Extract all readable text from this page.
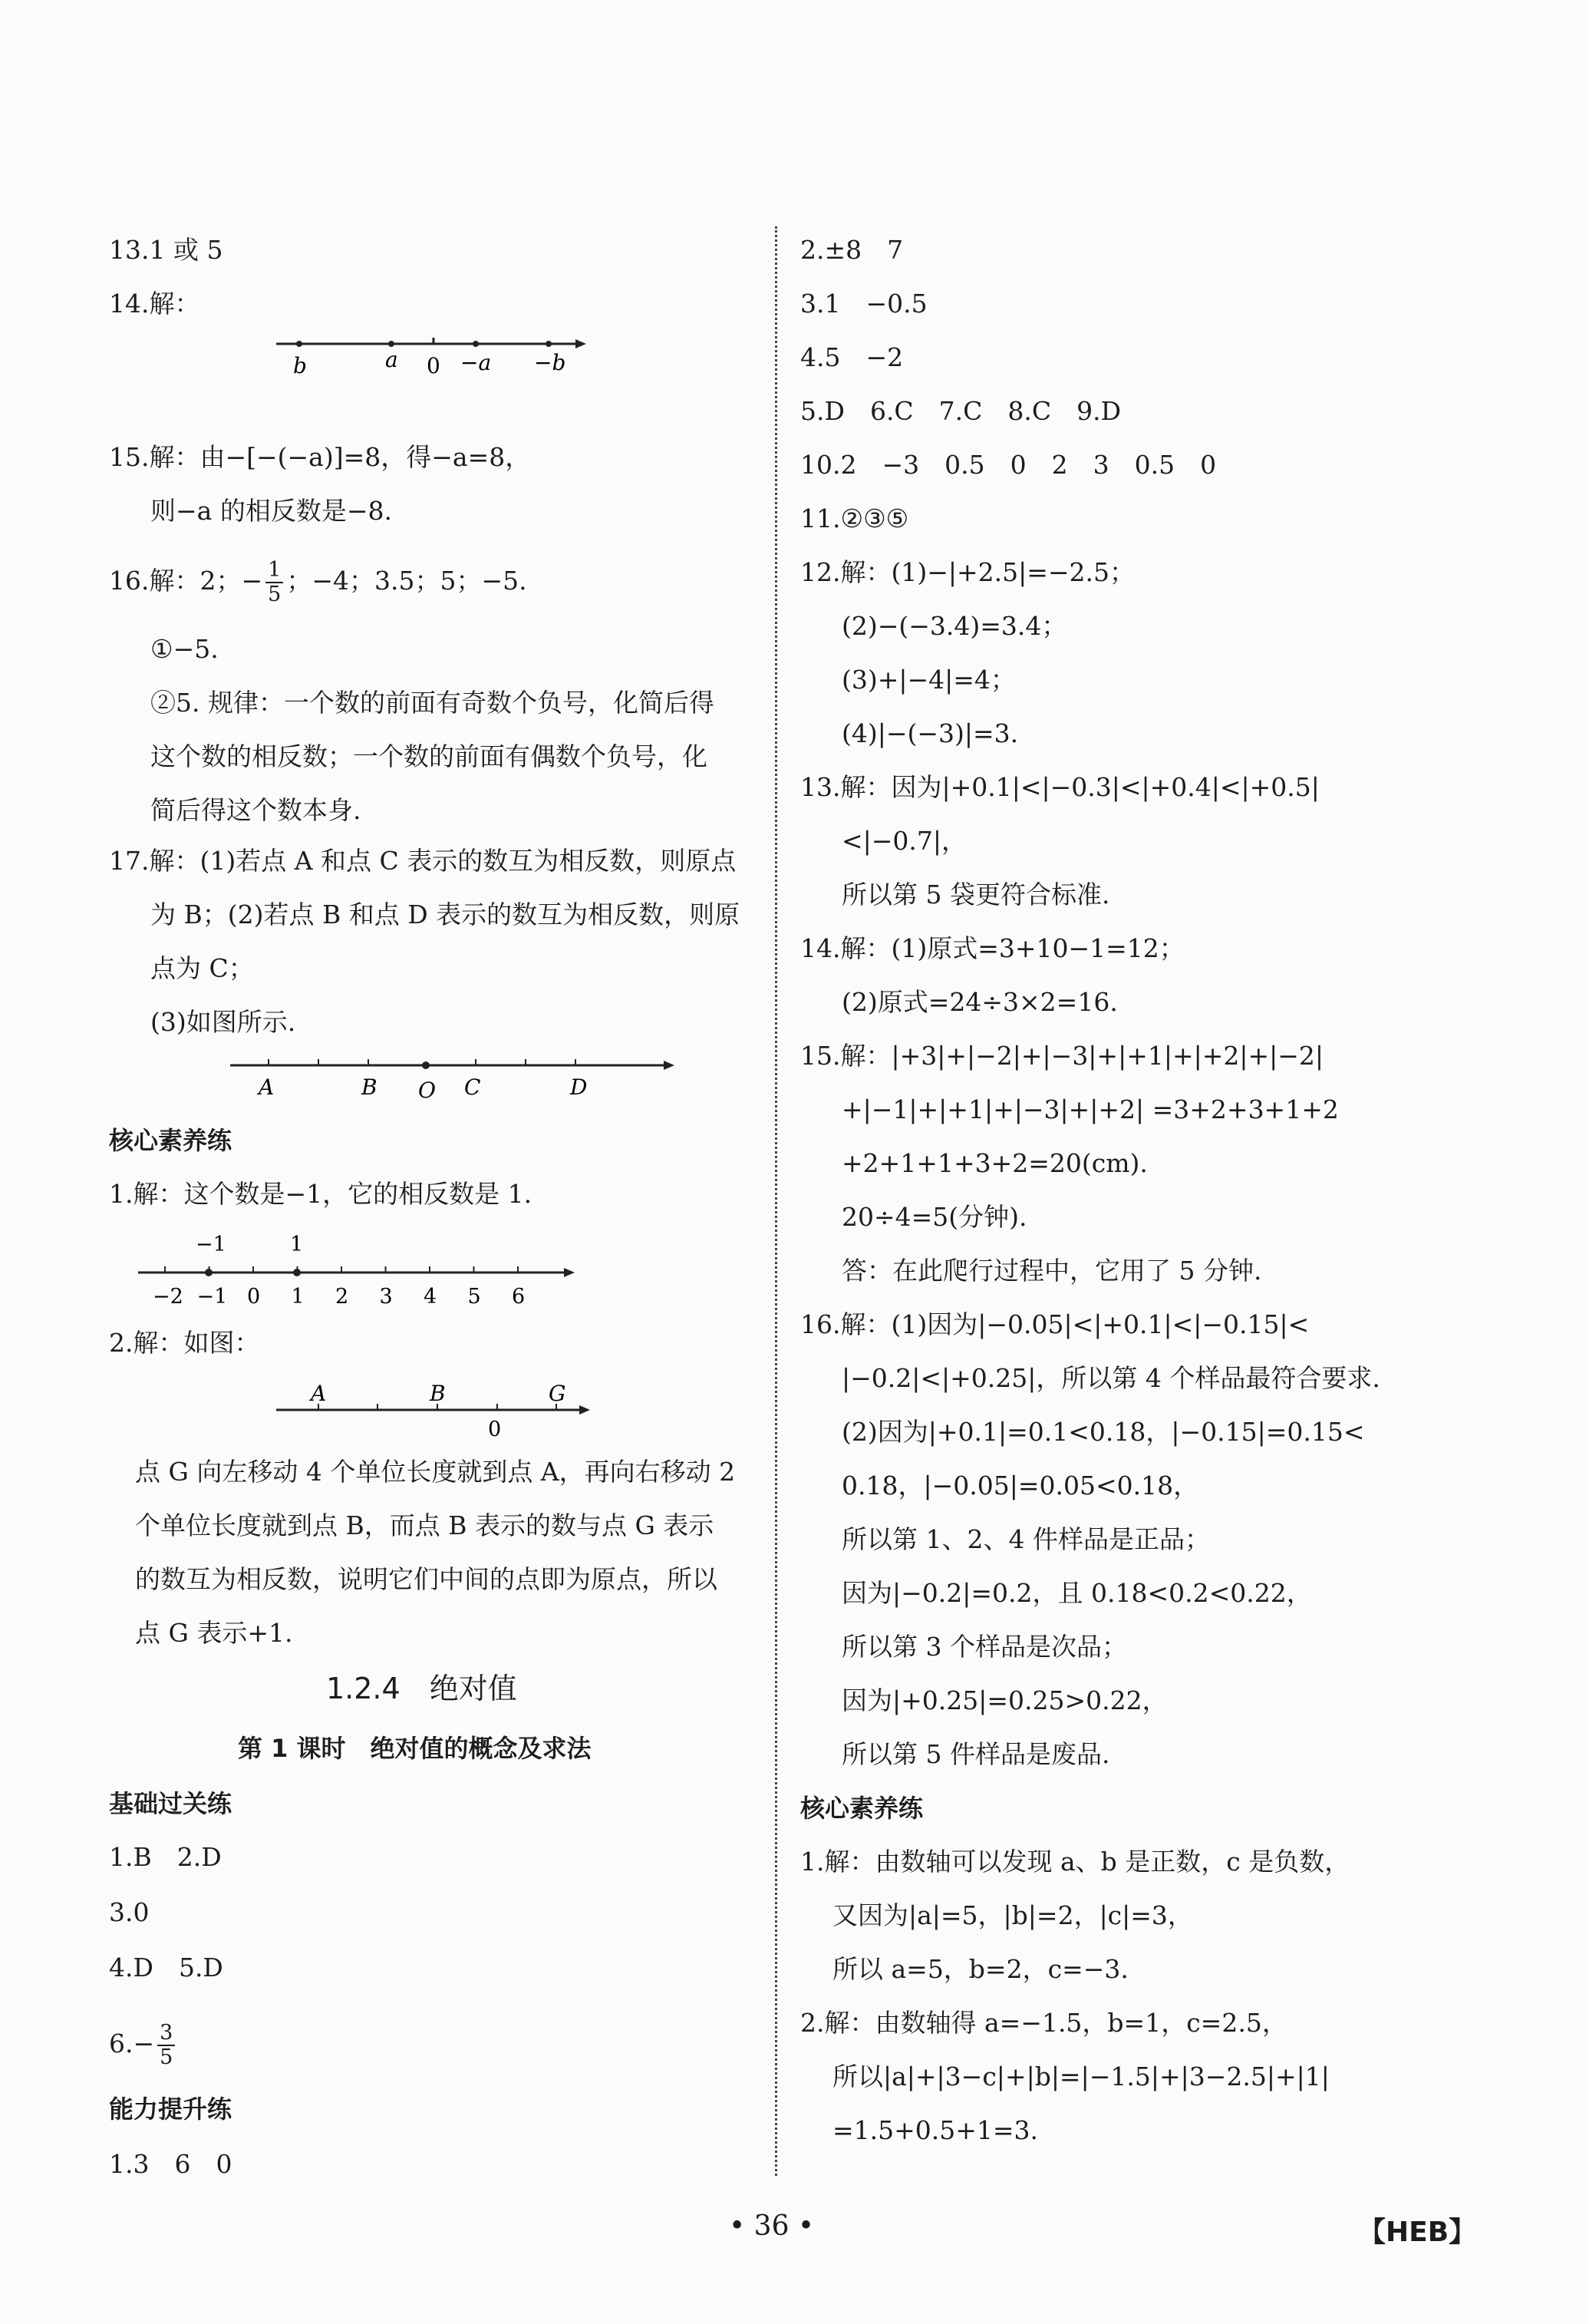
13.1 或 5
14.解：
b	a 0 −a −b
15.解：由−[−(−a)]=8，得−a=8，
则−a 的相反数是−8.
16.解：2；− $\frac{1}{5}$ ；−4；3.5；5；−5.
①−5.
②5. 规律：一个数的前面有奇数个负号，化简后得
这个数的相反数；一个数的前面有偶数个负号，化
简后得这个数本身.
17.解：(1)若点 A 和点 C 表示的数互为相反数，则原点
为 B；(2)若点 B 和点 D 表示的数互为相反数，则原
点为 C；
(3)如图所示.
A	B O C	D
核心素养练
1.解：这个数是−1，它的相反数是 1.
−1	1
−2 −1 0 1 2 3 4 5 6
2.解：如图：
A	B	G
0
点 G 向左移动 4 个单位长度就到点 A，再向右移动 2
个单位长度就到点 B，而点 B 表示的数与点 G 表示
的数互为相反数，说明它们中间的点即为原点，所以
点 G 表示+1.
1.2.4　绝对值
第 1 课时　绝对值的概念及求法
基础过关练
1.B　2.D
3.0
4.D　5.D
$6.- \frac{3}{5}$
能力提升练
1.3　6　0
2.±8　7
3.1　−0.5
4.5　−2
5.D　6.C　7.C　8.C　9.D
10.2　−3　0.5　0　2　3　0.5　0
11.②③⑤
12.解：(1)−|+2.5|=−2.5；
(2)−(−3.4)=3.4；
(3)+|−4|=4；
(4)|−(−3)|=3.
13.解：因为|+0.1|<|−0.3|<|+0.4|<|+0.5|
<|−0.7|，
所以第 5 袋更符合标准.
14.解：(1)原式=3+10−1=12；
(2)原式=24÷3×2=16.
15.解：|+3|+|−2|+|−3|+|+1|+|+2|+|−2|
+|−1|+|+1|+|−3|+|+2| =3+2+3+1+2
+2+1+1+3+2=20(cm).
20÷4=5(分钟).
答：在此爬行过程中，它用了 5 分钟.
16.解：(1)因为|−0.05|<|+0.1|<|−0.15|<
|−0.2|<|+0.25|，所以第 4 个样品最符合要求.
(2)因为|+0.1|=0.1<0.18，|−0.15|=0.15<
0.18，|−0.05|=0.05<0.18，
所以第 1、2、4 件样品是正品；
因为|−0.2|=0.2，且 0.18<0.2<0.22，
所以第 3 个样品是次品；
因为|+0.25|=0.25>0.22，
所以第 5 件样品是废品.
核心素养练
1.解：由数轴可以发现 a、b 是正数，c 是负数，
又因为|a|=5，|b|=2，|c|=3，
所以 a=5，b=2，c=−3.
2.解：由数轴得 a=−1.5，b=1，c=2.5，
所以|a|+|3−c|+|b|=|−1.5|+|3−2.5|+|1|
=1.5+0.5+1=3.
• 36 •	【HEB】
